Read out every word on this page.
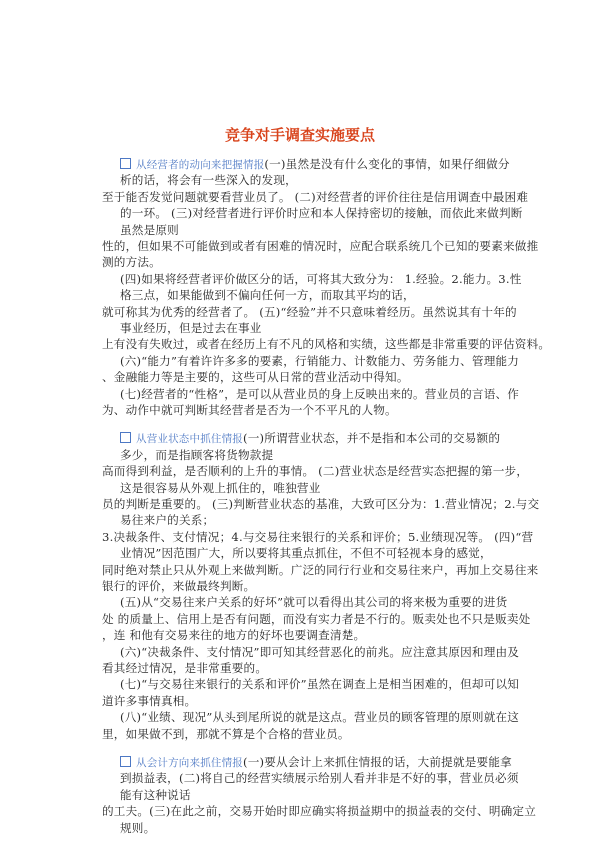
竞争对手调查实施要点
从经营者的动向来把握情报(一)虽然是没有什么变化的事情，如果仔细做分
析的话，将会有一些深入的发现，
至于能否发觉问题就要看营业员了。 (二)对经营者的评价往往是信用调查中最困难
的一环。 (三)对经营者进行评价时应和本人保持密切的接触，而依此来做判断
虽然是原则
性的，但如果不可能做到或者有困难的情况时，应配合联系统几个已知的要素来做推
测的方法。
(四)如果将经营者评价做区分的话，可将其大致分为： 1.经验。2.能力。3.性
格三点，如果能做到不偏向任何一方，而取其平均的话，
就可称其为优秀的经营者了。 (五)“经验”并不只意味着经历。虽然说其有十年的
事业经历，但是过去在事业
上有没有失败过，或者在经历上有不凡的风格和实绩，这些都是非常重要的评估资料。
(六)“能力”有着许许多多的要素，行销能力、计数能力、劳务能力、管理能力
、金融能力等是主要的，这些可从日常的营业活动中得知。
(七)经营者的“性格”，是可以从营业员的身上反映出来的。营业员的言语、作
为、动作中就可判断其经营者是否为一个不平凡的人物。
从营业状态中抓住情报(一)所谓营业状态，并不是指和本公司的交易额的
多少，而是指顾客将货物款提
高而得到利益，是否顺利的上升的事情。 (二)营业状态是经营实态把握的第一步，
这是很容易从外观上抓住的，唯独营业
员的判断是重要的。 (三)判断营业状态的基准，大致可区分为：1.营业情况；2.与交
易往来户的关系；
3.决裁条件、支付情况；4.与交易往来银行的关系和评价；5.业绩现况等。 (四)“营
业情况”因范围广大，所以要将其重点抓住，不但不可轻视本身的感觉，
同时绝对禁止只从外观上来做判断。广泛的同行行业和交易往来户，再加上交易往来
银行的评价，来做最终判断。
(五)从“交易往来户关系的好坏”就可以看得出其公司的将来极为重要的进货
处 的质量上、信用上是否有问题，而没有实力者是不行的。贩卖处也不只是贩卖处
，连 和他有交易来往的地方的好坏也要调查清楚。
(六)“决裁条件、支付情况”即可知其经营恶化的前兆。应注意其原因和理由及
看其经过情况，是非常重要的。
(七)“与交易往来银行的关系和评价”虽然在调查上是相当困难的，但却可以知
道许多事情真相。
(八)“业绩、现况”从头到尾所说的就是这点。营业员的顾客管理的原则就在这
里，如果做不到，那就不算是个合格的营业员。
从会计方向来抓住情报(一)要从会计上来抓住情报的话，大前提就是要能拿
到损益表，(二)将自己的经营实绩展示给别人看并非是不好的事，营业员必须
能有这种说话
的工夫。(三)在此之前，交易开始时即应确实将损益期中的损益表的交付、明确定立
规则。
